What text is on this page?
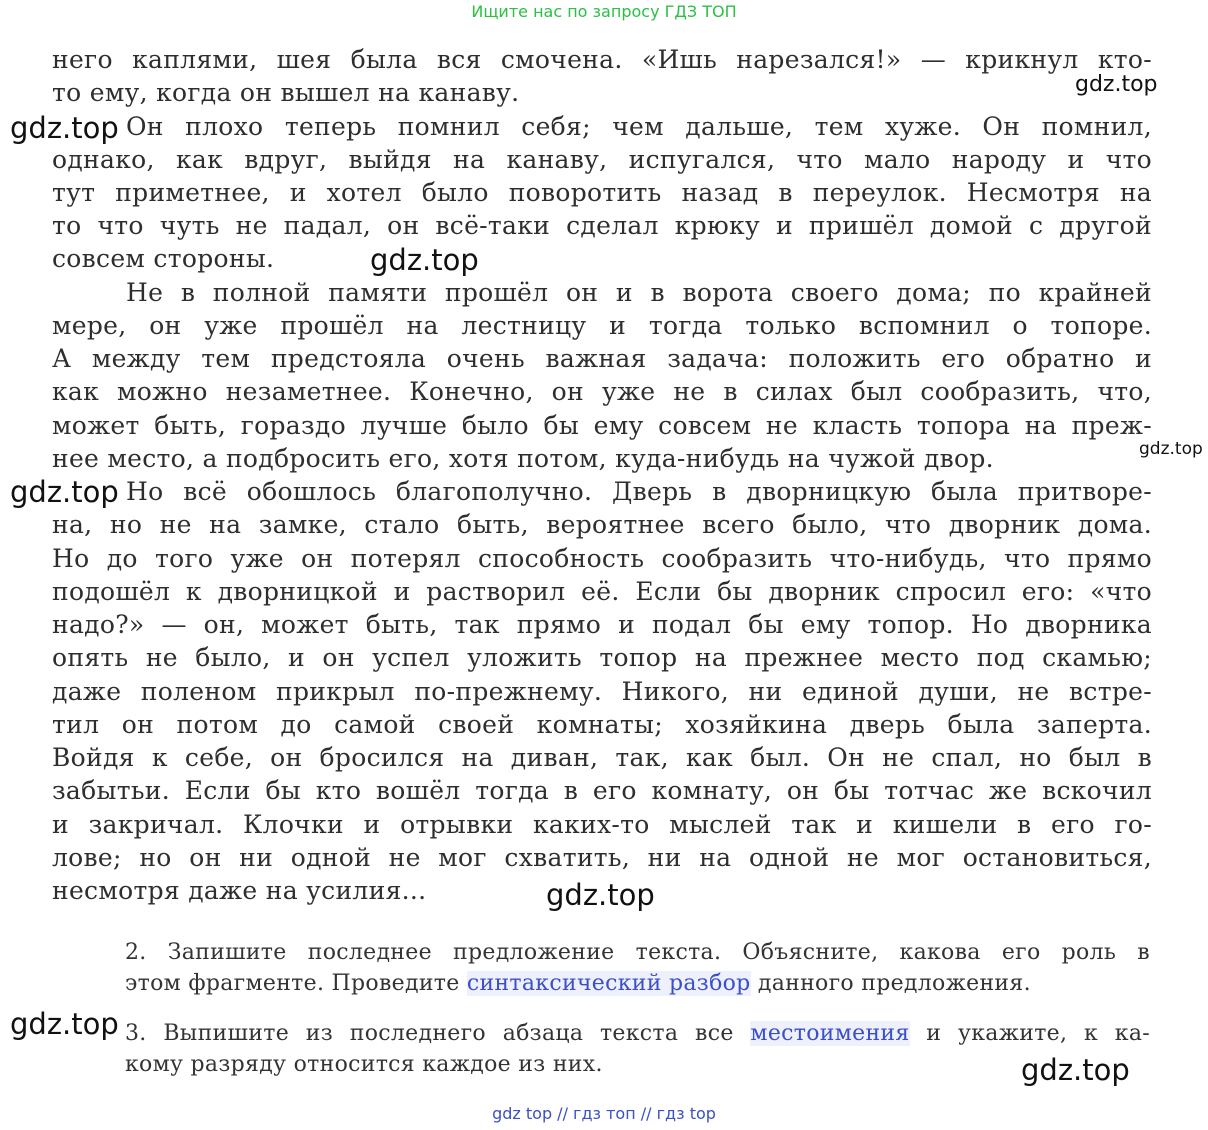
Ищите нас по запросу ГДЗ ТОП
него каплями, шея была вся смочена. «Ишь нарезался!» — крикнул кто-
то ему, когда он вышел на канаву.
Он плохо теперь помнил себя; чем дальше, тем хуже. Он помнил,
однако, как вдруг, выйдя на канаву, испугался, что мало народу и что
тут приметнее, и хотел было поворотить назад в переулок. Несмотря на
то что чуть не падал, он всё-таки сделал крюку и пришёл домой с другой
совсем стороны.
Не в полной памяти прошёл он и в ворота своего дома; по крайней
мере, он уже прошёл на лестницу и тогда только вспомнил о топоре.
А между тем предстояла очень важная задача: положить его обратно и
как можно незаметнее. Конечно, он уже не в силах был сообразить, что,
может быть, гораздо лучше было бы ему совсем не класть топора на преж-
нее место, а подбросить его, хотя потом, куда-нибудь на чужой двор.
Но всё обошлось благополучно. Дверь в дворницкую была притворе-
на, но не на замке, стало быть, вероятнее всего было, что дворник дома.
Но до того уже он потерял способность сообразить что-нибудь, что прямо
подошёл к дворницкой и растворил её. Если бы дворник спросил его: «что
надо?» — он, может быть, так прямо и подал бы ему топор. Но дворника
опять не было, и он успел уложить топор на прежнее место под скамью;
даже поленом прикрыл по-прежнему. Никого, ни единой души, не встре-
тил он потом до самой своей комнаты; хозяйкина дверь была заперта.
Войдя к себе, он бросился на диван, так, как был. Он не спал, но был в
забытьи. Если бы кто вошёл тогда в его комнату, он бы тотчас же вскочил
и закричал. Клочки и отрывки каких-то мыслей так и кишели в его го-
лове; но он ни одной не мог схватить, ни на одной не мог остановиться,
несмотря даже на усилия...
2. Запишите последнее предложение текста. Объясните, какова его роль в
этом фрагменте. Проведите синтаксический разбор данного предложения.
3. Выпишите из последнего абзаца текста все местоимения и укажите, к ка-
кому разряду относится каждое из них.
gdz.top
gdz.top
gdz.top
gdz.top
gdz.top
gdz.top
gdz.top
gdz.top
gdz top // гдз топ // гдз top
